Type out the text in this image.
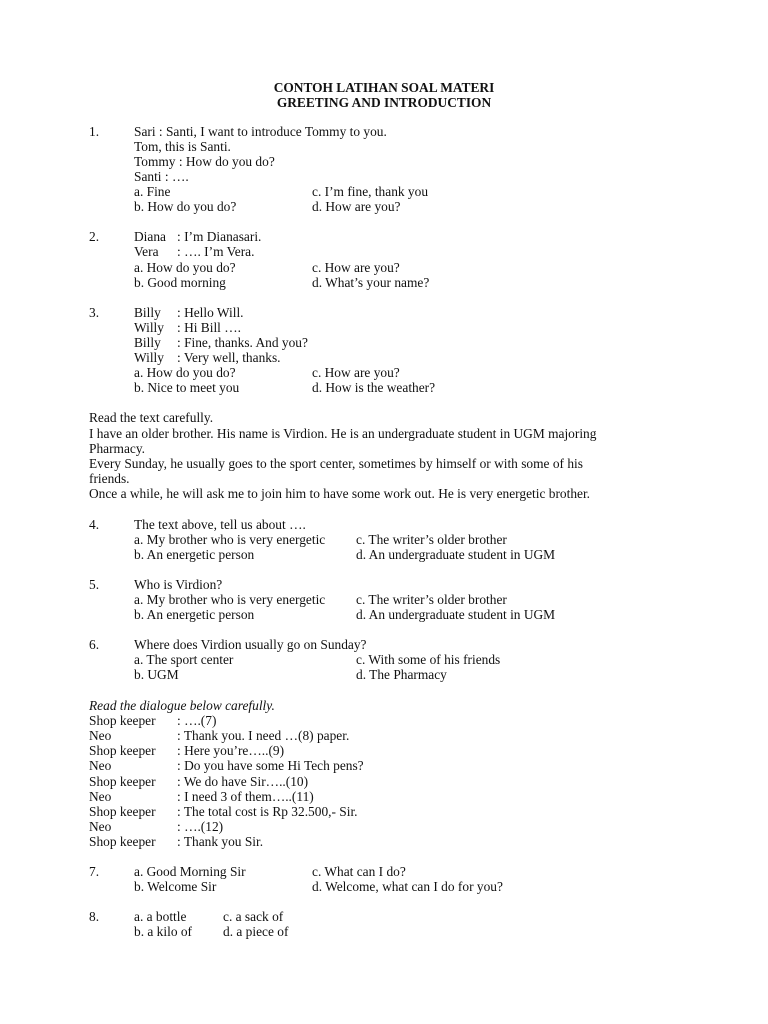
CONTOH LATIHAN SOAL MATERI
GREETING AND INTRODUCTION
1.	Sari : Santi, I want to introduce Tommy to you.
Tom, this is Santi.
Tommy : How do you do?
Santi : ….
a. Fine	c. I’m fine, thank you
b. How do you do?	d. How are you?
2.	Diana : I’m Dianasari.
Vera : …. I’m Vera.
a. How do you do?	c. How are you?
b. Good morning	d. What’s your name?
3.	Billy : Hello Will.
Willy : Hi Bill ….
Billy : Fine, thanks. And you?
Willy : Very well, thanks.
a. How do you do?	c. How are you?
b. Nice to meet you	d. How is the weather?
Read the text carefully.
I have an older brother. His name is Virdion. He is an undergraduate student in UGM majoring
Pharmacy.
Every Sunday, he usually goes to the sport center, sometimes by himself or with some of his
friends.
Once a while, he will ask me to join him to have some work out. He is very energetic brother.
4.	The text above, tell us about ….
a. My brother who is very energetic c. The writer’s older brother
b. An energetic person	d. An undergraduate student in UGM
5.	Who is Virdion?
a. My brother who is very energetic c. The writer’s older brother
b. An energetic person	d. An undergraduate student in UGM
6.	Where does Virdion usually go on Sunday?
a. The sport center	c. With some of his friends
b. UGM	d. The Pharmacy
Read the dialogue below carefully.
Shop keeper : ….(7)
Neo	: Thank you. I need …(8) paper.
Shop keeper : Here you’re…..(9)
Neo	: Do you have some Hi Tech pens?
Shop keeper : We do have Sir…..(10)
Neo	: I need 3 of them…..(11)
Shop keeper : The total cost is Rp 32.500,- Sir.
Neo	: ….(12)
Shop keeper : Thank you Sir.
7.	a. Good Morning Sir	c. What can I do?
b. Welcome Sir	d. Welcome, what can I do for you?
8.	a. a bottle	c. a sack of
b. a kilo of d. a piece of
